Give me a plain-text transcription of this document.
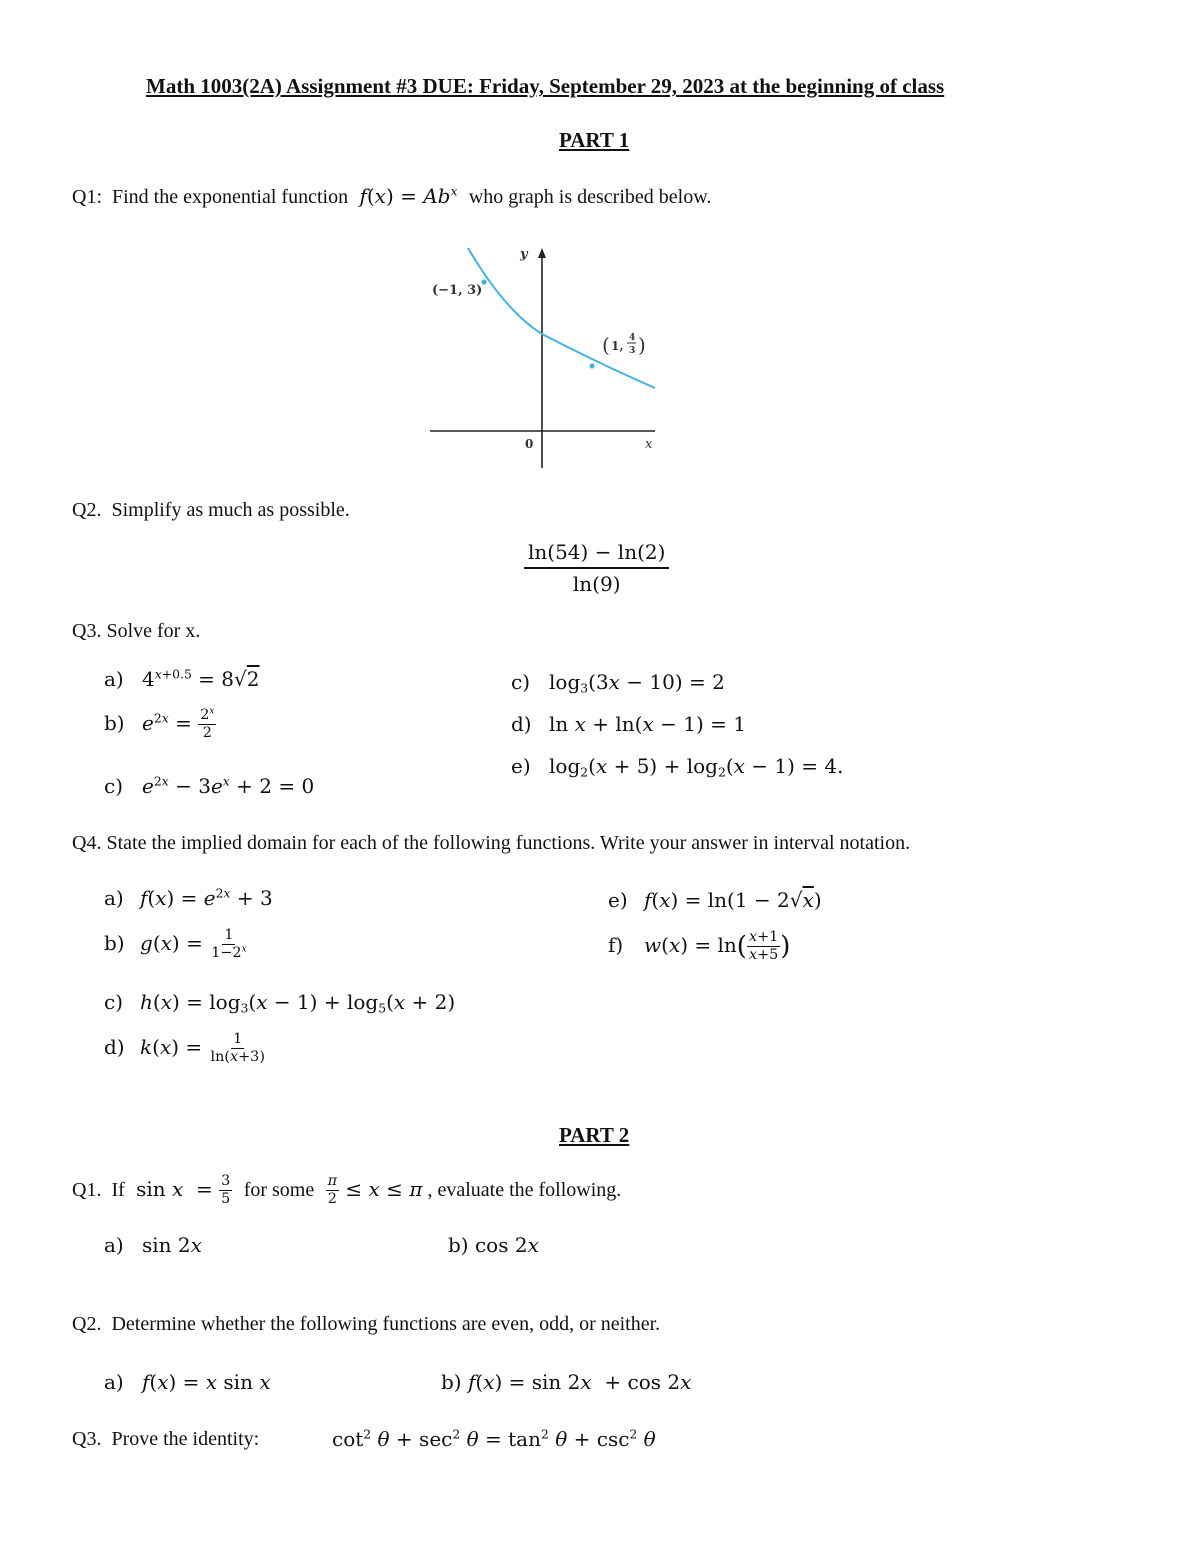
Math 1003(2A) Assignment #3 DUE: Friday, September 29, 2023 at the beginning of class
PART 1
Q1: Find the exponential function $f(x) = Ab^x$ who graph is described below.
y
x
0
(−1, 3)
( 1,
4
3 )
Q2. Simplify as much as possible.
$\frac{\ln(54) - \ln(2)}{\ln(9)}$
Q3. Solve for x.
a) $4^{x+0.5} = 8√2$
b) $e^{2x} = \frac{2^x}{2}$
c) $e^{2x} - 3e^x + 2 = 0$
c) $\log_3(3x - 10) = 2$
d) ln x + ln(x − 1) = 1
e) $\log_2(x + 5) + \log_2(x - 1) = 4$.
Q4. State the implied domain for each of the following functions. Write your answer in interval notation.
a) $f(x) = e^{2x} + 3$
b) $g(x) = \frac{1}{1-2^x}$
c) $h(x) = \log_3(x - 1) + \log_5(x + 2)$
d) $k(x) = \frac{1}{\ln(x+3)}$
e) f(x) = ln(1 − 2√x)
f) $w(x) = \ln( \frac{x+1}{x+5}$ )
PART 2
Q1. If  $\sin x = \frac{3}{5}$ for some $\frac{\pi}{2} \le x \le \pi$ , evaluate the following.
a) sin 2x	b) cos 2x
Q2. Determine whether the following functions are even, odd, or neither.
a) f(x) = x sin x	b) f(x) = sin 2x  + cos 2x
Q3. Prove the identity:	$\cot^2 \theta + \sec^2 \theta = \tan^2 \theta + \csc^2 \theta$
